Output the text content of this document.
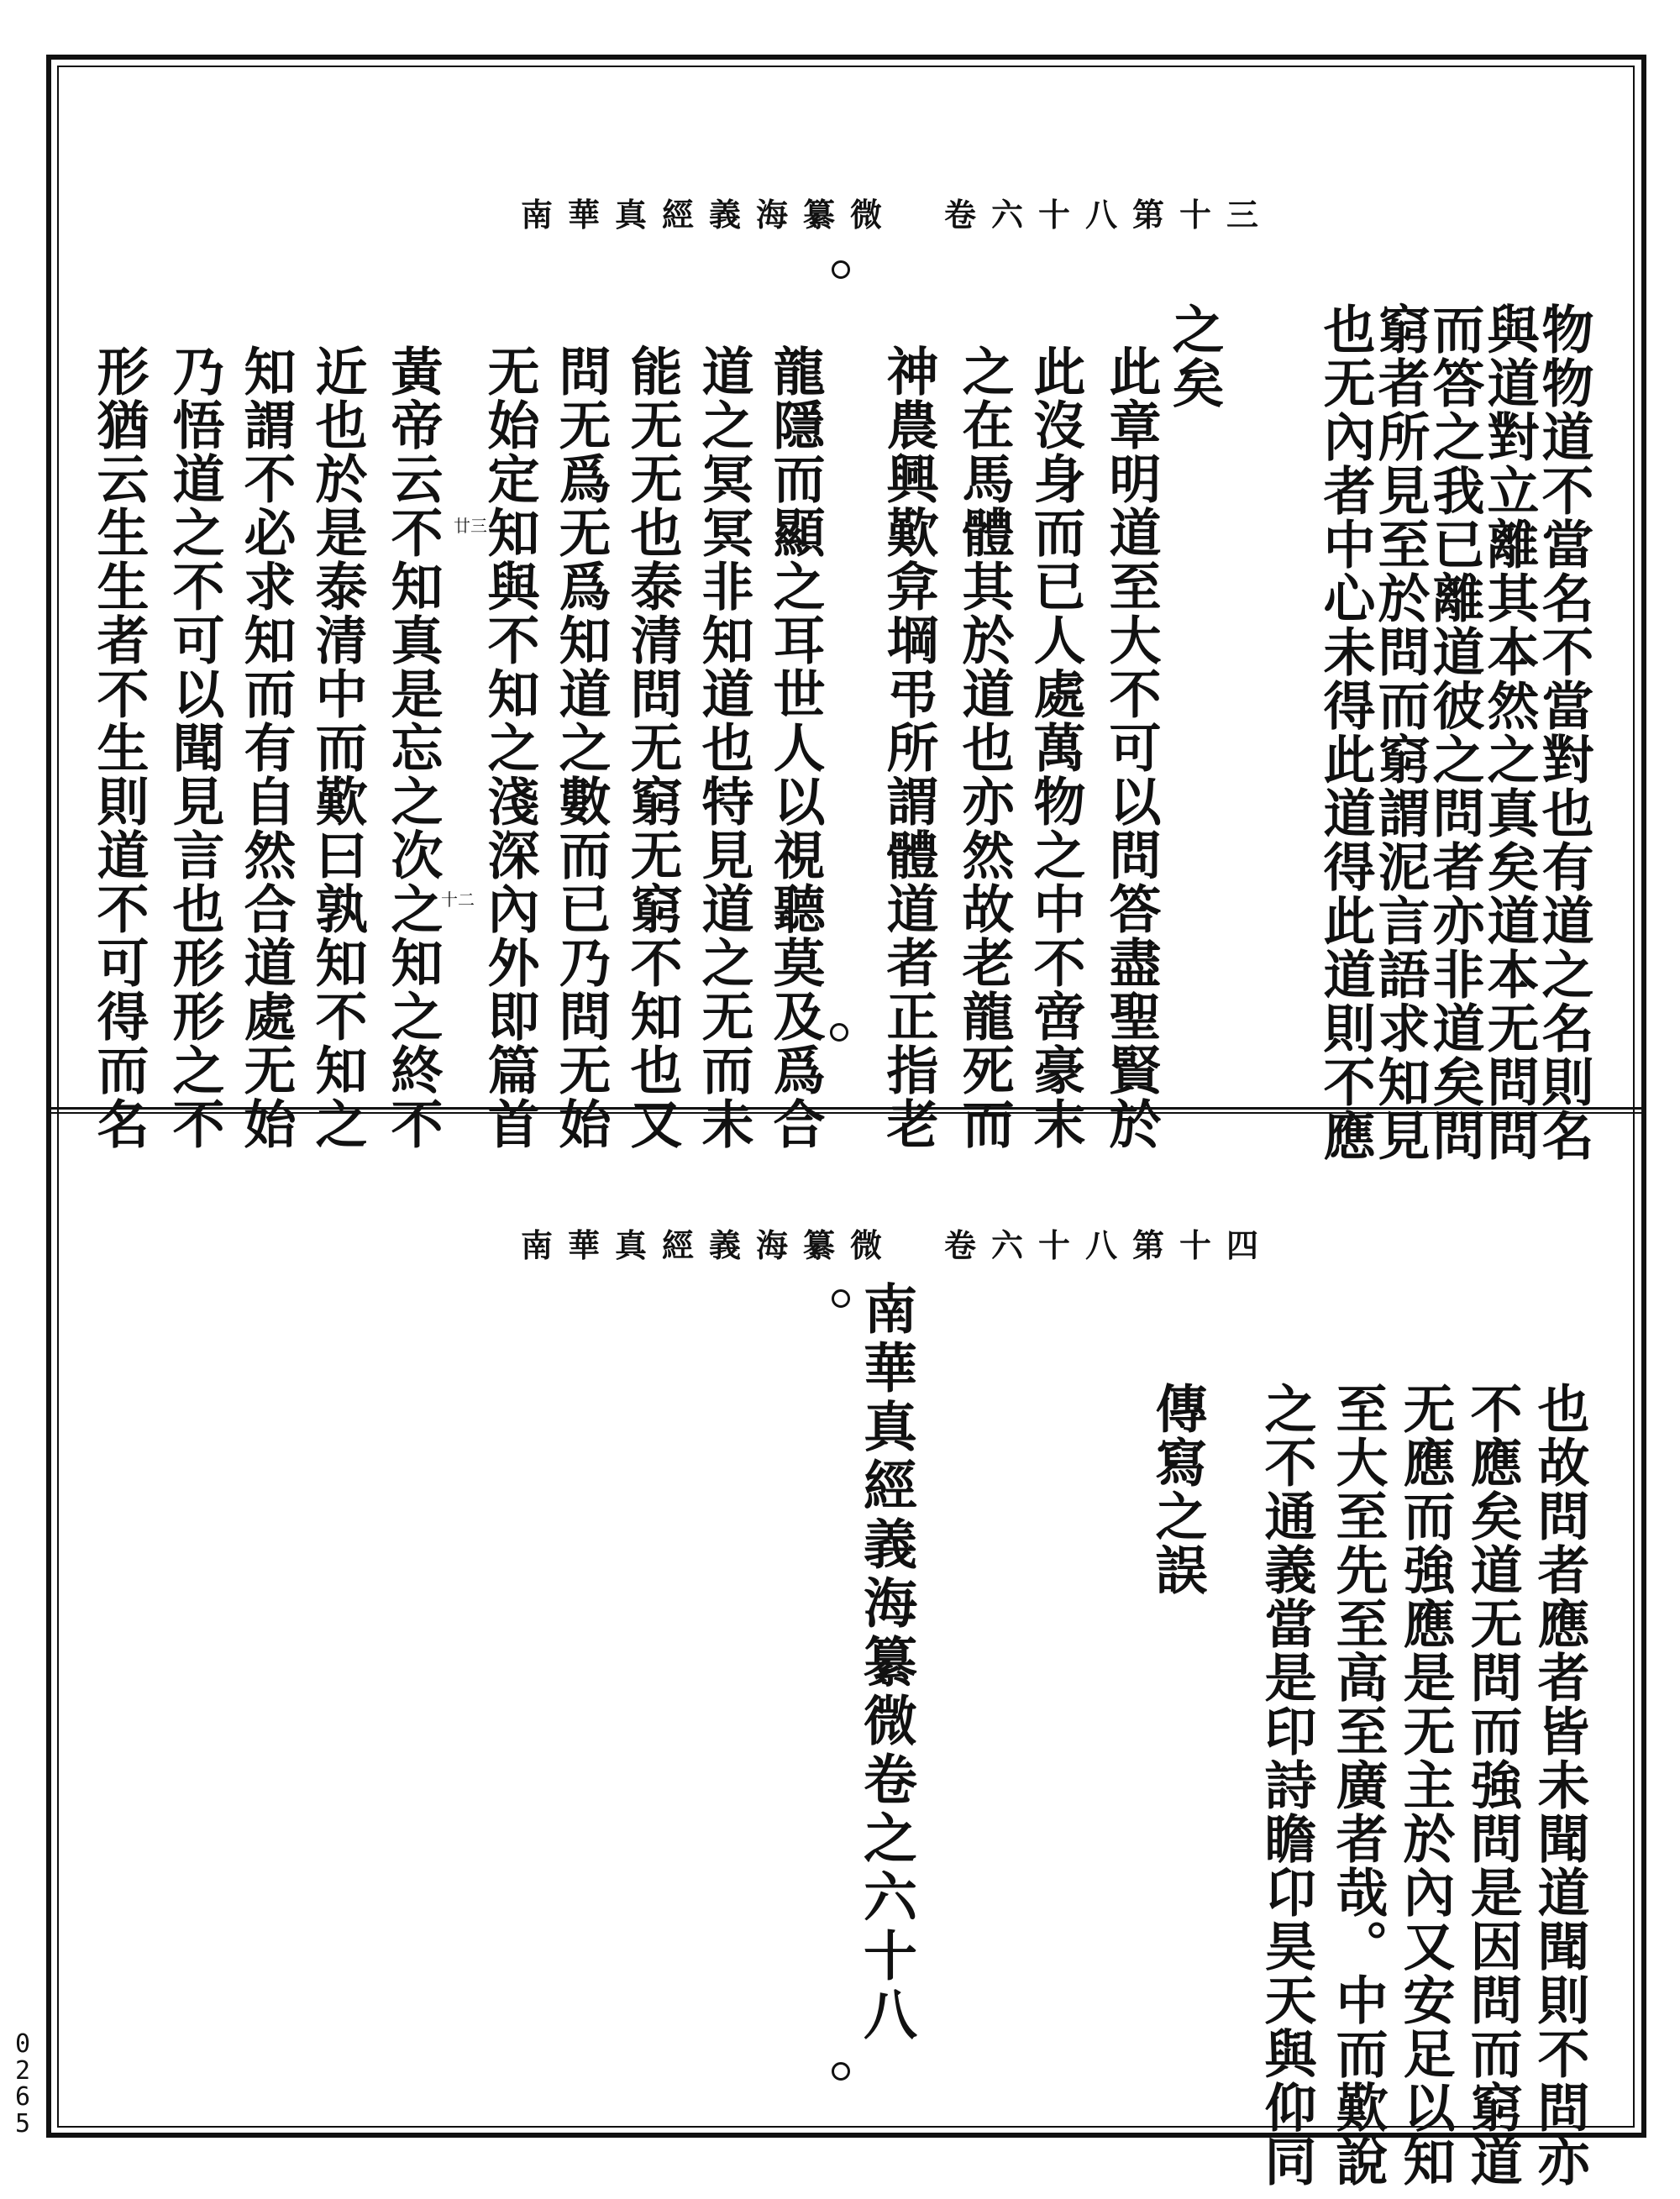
南華真經義海纂微　卷六十八第十三
物物道不當名不當對也有道之名則名
與道對立離其本然之真矣道本无問問
而答之我已離道彼之問者亦非道矣問
窮者所見至於問而窮謂泥言語求知見
也无內者中心未得此道得此道則不應
之矣
此章明道至大不可以問答盡聖賢於
此沒身而已人處萬物之中不啻豪末
之在馬體其於道也亦然故老龍死而
神農興歎弇堈弔所謂體道者正指老
龍隱而顯之耳世人以視聽莫及爲合
道之冥冥非知道也特見道之无而未
能无无也泰清問无窮无窮不知也又
問无爲无爲知道之數而已乃問无始
无始定知與不知之淺深內外即篇首
黃帝云不知真是忘之次之知之終不
近也於是泰清中而歎曰孰知不知之
知謂不必求知而有自然合道處无始
乃悟道之不可以聞見言也形形之不
形猶云生生者不生則道不可得而名	十二
廿三
南華真經義海纂微　卷六十八第十四
南華真經義海纂微卷之六十八	也故問者應者皆未聞道聞則不問亦
不應矣道无問而強問是因問而窮道
无應而強應是无主於內又安足以知
至大至先至高至廣者哉。中而歎說
之不通義當是印詩瞻卬昊天與仰同
傳寫之誤
0265
